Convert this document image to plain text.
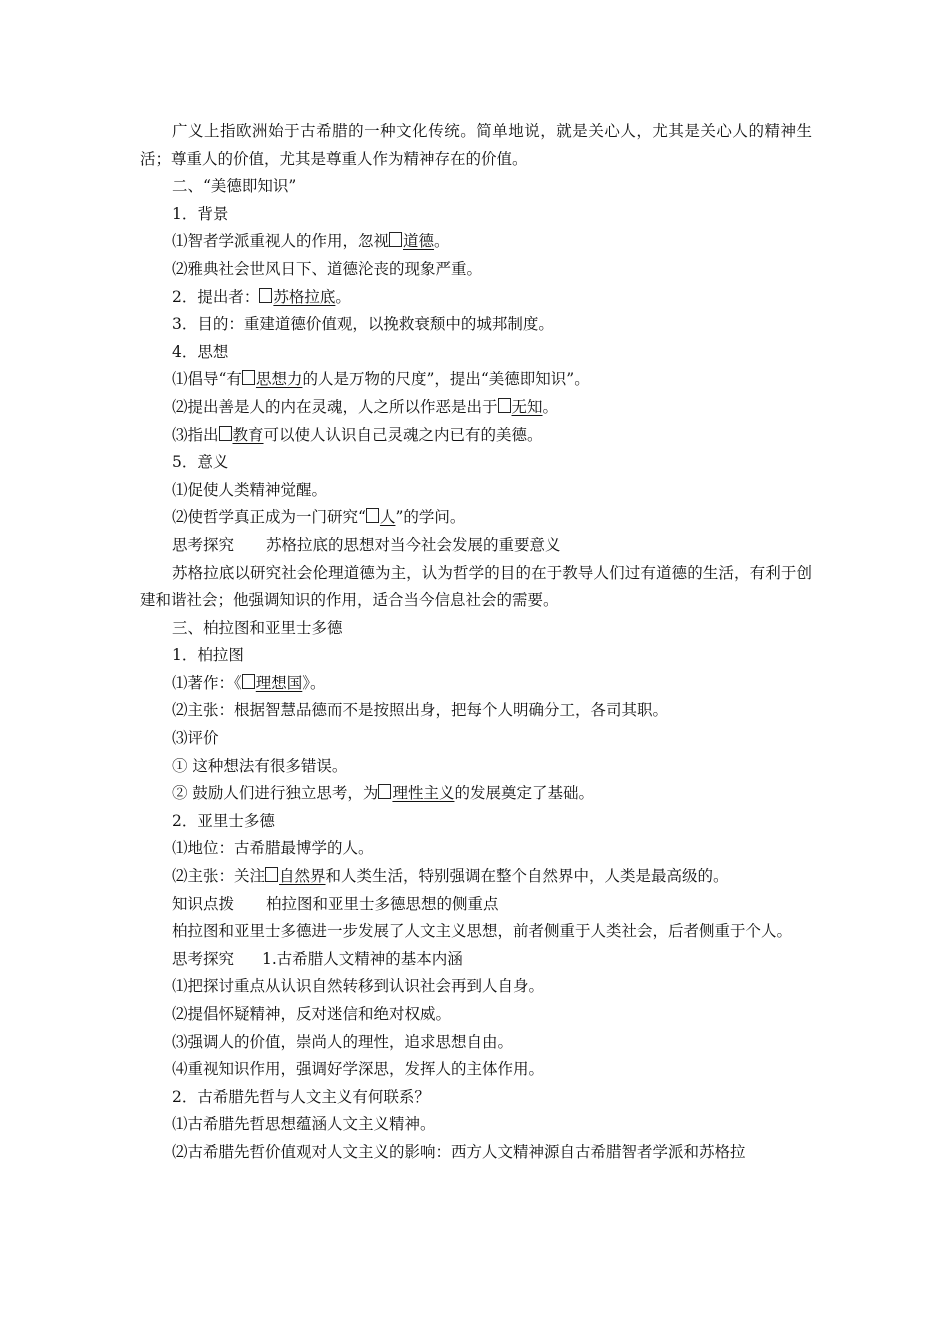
广义上指欧洲始于古希腊的一种文化传统。简单地说，就是关心人，尤其是关心人的精神生活；尊重人的价值，尤其是尊重人作为精神存在的价值。

二、“美德即知识”

1．背景

⑴智者学派重视人的作用，忽视 道德。

⑵雅典社会世风日下、道德沦丧的现象严重。

2．提出者： 苏格拉底。

3．目的：重建道德价值观，以挽救衰颓中的城邦制度。

4．思想

⑴倡导“有 思想力的人是万物的尺度”，提出“美德即知识”。

⑵提出善是人的内在灵魂，人之所以作恶是出于 无知。

⑶指出 教育可以使人认识自己灵魂之内已有的美德。

5．意义

⑴促使人类精神觉醒。

⑵使哲学真正成为一门研究“ 人”的学问。

思考探究 苏格拉底的思想对当今社会发展的重要意义

苏格拉底以研究社会伦理道德为主，认为哲学的目的在于教导人们过有道德的生活，有利于创建和谐社会；他强调知识的作用，适合当今信息社会的需要。

三、柏拉图和亚里士多德

1．柏拉图

⑴著作：《 理想国》。

⑵主张：根据智慧品德而不是按照出身，把每个人明确分工，各司其职。

⑶评价

① 这种想法有很多错误。

② 鼓励人们进行独立思考，为 理性主义的发展奠定了基础。

2．亚里士多德

⑴地位：古希腊最博学的人。

⑵主张：关注 自然界和人类生活，特别强调在整个自然界中，人类是最高级的。

知识点拨 柏拉图和亚里士多德思想的侧重点

柏拉图和亚里士多德进一步发展了人文主义思想，前者侧重于人类社会，后者侧重于个人。

思考探究 1.古希腊人文精神的基本内涵

⑴把探讨重点从认识自然转移到认识社会再到人自身。

⑵提倡怀疑精神，反对迷信和绝对权威。

⑶强调人的价值，崇尚人的理性，追求思想自由。

⑷重视知识作用，强调好学深思，发挥人的主体作用。

2．古希腊先哲与人文主义有何联系？

⑴古希腊先哲思想蕴涵人文主义精神。

⑵古希腊先哲价值观对人文主义的影响：西方人文精神源自古希腊智者学派和苏格拉
